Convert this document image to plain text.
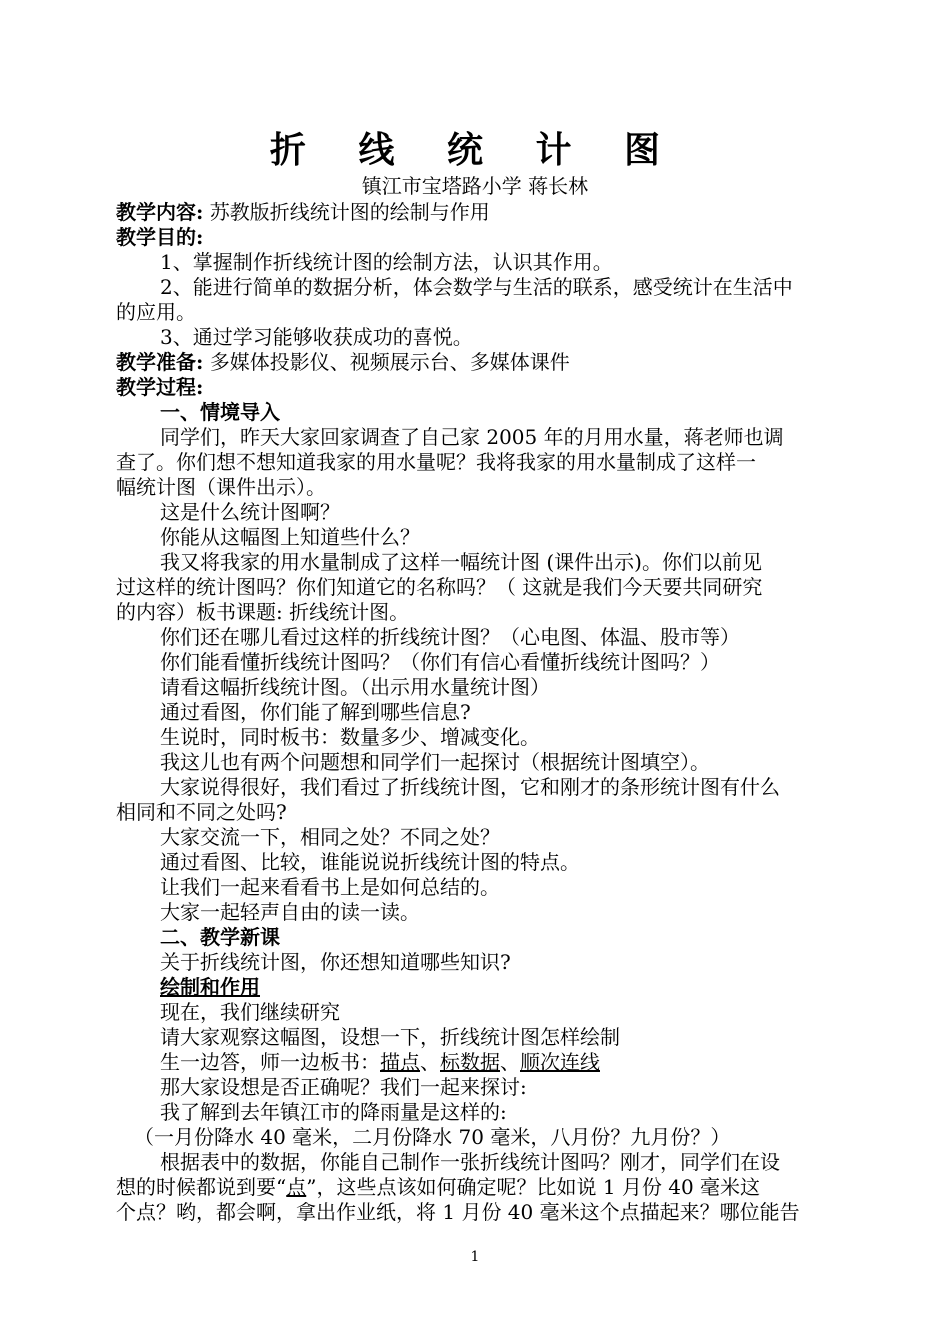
折 线 统 计 图
镇江市宝塔路小学 蒋长林
教学内容: 苏教版折线统计图的绘制与作用
教学目的:
1、掌握制作折线统计图的绘制方法，认识其作用。
2、能进行简单的数据分析，体会数学与生活的联系，感受统计在生活中
的应用。
3、通过学习能够收获成功的喜悦。
教学准备: 多媒体投影仪、视频展示台、多媒体课件
教学过程:
一、情境导入
同学们，昨天大家回家调查了自己家 2005 年的月用水量，蒋老师也调
查了。你们想不想知道我家的用水量呢？我将我家的用水量制成了这样一
幅统计图（课件出示）。
这是什么统计图啊？
你能从这幅图上知道些什么？
我又将我家的用水量制成了这样一幅统计图 (课件出示)。你们以前见
过这样的统计图吗？你们知道它的名称吗？（ 这就是我们今天要共同研究
的内容）板书课题: 折线统计图。
你们还在哪儿看过这样的折线统计图？（心电图、体温、股市等）
你们能看懂折线统计图吗？（你们有信心看懂折线统计图吗？）
请看这幅折线统计图。（出示用水量统计图）
通过看图，你们能了解到哪些信息?
生说时，同时板书：数量多少、增减变化。
我这儿也有两个问题想和同学们一起探讨（根据统计图填空）。
大家说得很好，我们看过了折线统计图，它和刚才的条形统计图有什么
相同和不同之处吗?
大家交流一下，相同之处？不同之处？
通过看图、比较，谁能说说折线统计图的特点。
让我们一起来看看书上是如何总结的。
大家一起轻声自由的读一读。
二、教学新课
关于折线统计图，你还想知道哪些知识?
绘制和作用
现在，我们继续研究
请大家观察这幅图，设想一下，折线统计图怎样绘制
生一边答，师一边板书：描点、标数据、顺次连线
那大家设想是否正确呢？我们一起来探讨:
我了解到去年镇江市的降雨量是这样的:
（一月份降水 40 毫米，二月份降水 70 毫米，八月份？九月份？）
根据表中的数据，你能自己制作一张折线统计图吗？刚才，同学们在设
想的时候都说到要“点”，这些点该如何确定呢？比如说 1 月份 40 毫米这
个点？哟，都会啊，拿出作业纸，将 1 月份 40 毫米这个点描起来？哪位能告
1
